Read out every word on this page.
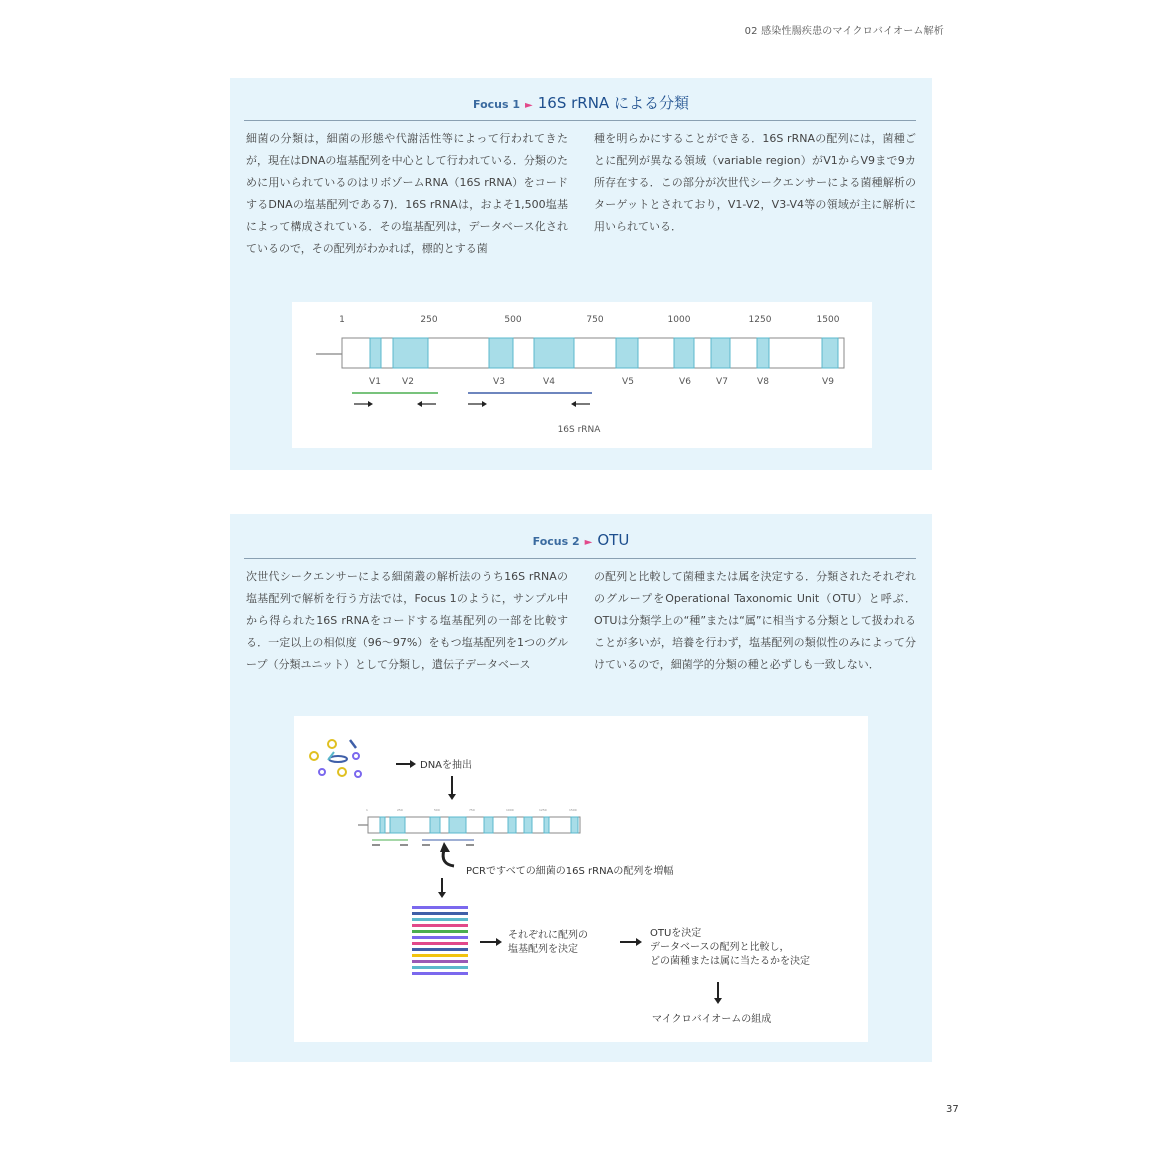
02 感染性腸疾患のマイクロバイオーム解析
Focus 1 ► 16S rRNA による分類
細菌の分類は，細菌の形態や代謝活性等によって行われてきたが，現在はDNAの塩基配列を中心として行われている．分類のために用いられているのはリボゾームRNA（16S rRNA）をコードするDNAの塩基配列である7)．16S rRNAは，およそ1,500塩基によって構成されている．その塩基配列は，データベース化されているので，その配列がわかれば，標的とする菌
種を明らかにすることができる．16S rRNAの配列には，菌種ごとに配列が異なる領域（variable region）がV1からV9まで9カ所存在する．この部分が次世代シークエンサーによる菌種解析のターゲットとされており，V1-V2，V3-V4等の領域が主に解析に用いられている．
1	250	500	750	1000	1250	1500
V1 V2	V3	V4	V5	V6	V7	V8	V9
16S rRNA
Focus 2 ► OTU
次世代シークエンサーによる細菌叢の解析法のうち16S rRNAの塩基配列で解析を行う方法では，Focus 1のように，サンプル中から得られた16S rRNAをコードする塩基配列の一部を比較する．一定以上の相似度（96〜97%）をもつ塩基配列を1つのグループ（分類ユニット）として分類し，遺伝子データベース
の配列と比較して菌種または属を決定する．分類されたそれぞれのグループをOperational Taxonomic Unit（OTU）と呼ぶ．OTUは分類学上の“種”または“属”に相当する分類として扱われることが多いが，培養を行わず，塩基配列の類似性のみによって分けているので，細菌学的分類の種と必ずしも一致しない．
DNAを抽出
1	250	500	750	1000	1250	1500
PCRですべての細菌の16S rRNAの配列を増幅
それぞれに配列の
塩基配列を決定
OTUを決定
データベースの配列と比較し，
どの菌種または属に当たるかを決定
マイクロバイオームの組成
37
